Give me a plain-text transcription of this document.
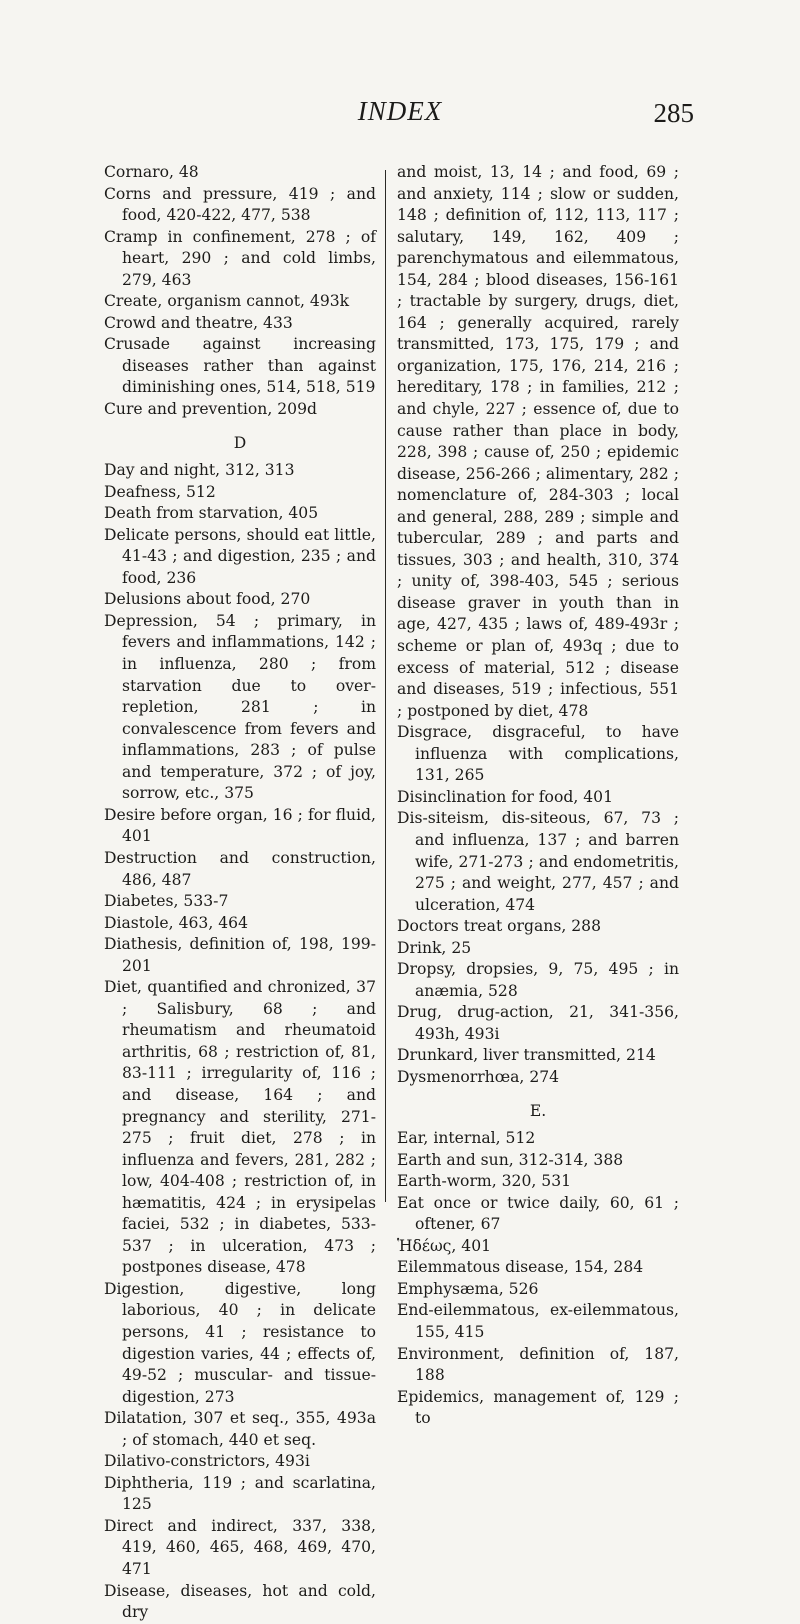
INDEX	285
Cornaro, 48
Corns and pressure, 419 ; and food, 420-422, 477, 538
Cramp in confinement, 278 ; of heart, 290 ; and cold limbs, 279, 463
Create, organism cannot, 493k
Crowd and theatre, 433
Crusade against increasing diseases rather than against diminishing ones, 514, 518, 519
Cure and prevention, 209d
D
Day and night, 312, 313
Deafness, 512
Death from starvation, 405
Delicate persons, should eat little, 41-43 ; and digestion, 235 ; and food, 236
Delusions about food, 270
Depression, 54 ; primary, in fevers and inflammations, 142 ; in influenza, 280 ; from starvation due to over-repletion, 281 ; in convalescence from fevers and inflammations, 283 ; of pulse and temperature, 372 ; of joy, sorrow, etc., 375
Desire before organ, 16 ; for fluid, 401
Destruction and construction, 486, 487
Diabetes, 533-7
Diastole, 463, 464
Diathesis, definition of, 198, 199-201
Diet, quantified and chronized, 37 ; Salisbury, 68 ; and rheumatism and rheumatoid arthritis, 68 ; restriction of, 81, 83-111 ; irregularity of, 116 ; and disease, 164 ; and pregnancy and sterility, 271-275 ; fruit diet, 278 ; in influenza and fevers, 281, 282 ; low, 404-408 ; restriction of, in hæmatitis, 424 ; in erysipelas faciei, 532 ; in diabetes, 533-537 ; in ulceration, 473 ; postpones disease, 478
Digestion, digestive, long laborious, 40 ; in delicate persons, 41 ; resistance to digestion varies, 44 ; effects of, 49-52 ; muscular- and tissue-digestion, 273
Dilatation, 307 et seq., 355, 493a ; of stomach, 440 et seq.
Dilativo-constrictors, 493i
Diphtheria, 119 ; and scarlatina, 125
Direct and indirect, 337, 338, 419, 460, 465, 468, 469, 470, 471
Disease, diseases, hot and cold, dry
and moist, 13, 14 ; and food, 69 ; and anxiety, 114 ; slow or sudden, 148 ; definition of, 112, 113, 117 ; salutary, 149, 162, 409 ; parenchymatous and eilemmatous, 154, 284 ; blood diseases, 156-161 ; tractable by surgery, drugs, diet, 164 ; generally acquired, rarely transmitted, 173, 175, 179 ; and organization, 175, 176, 214, 216 ; hereditary, 178 ; in families, 212 ; and chyle, 227 ; essence of, due to cause rather than place in body, 228, 398 ; cause of, 250 ; epidemic disease, 256-266 ; alimentary, 282 ; nomenclature of, 284-303 ; local and general, 288, 289 ; simple and tubercular, 289 ; and parts and tissues, 303 ; and health, 310, 374 ; unity of, 398-403, 545 ; serious disease graver in youth than in age, 427, 435 ; laws of, 489-493r ; scheme or plan of, 493q ; due to excess of material, 512 ; disease and diseases, 519 ; infectious, 551 ; postponed by diet, 478
Disgrace, disgraceful, to have influenza with complications, 131, 265
Disinclination for food, 401
Dis-siteism, dis-siteous, 67, 73 ; and influenza, 137 ; and barren wife, 271-273 ; and endometritis, 275 ; and weight, 277, 457 ; and ulceration, 474
Doctors treat organs, 288
Drink, 25
Dropsy, dropsies, 9, 75, 495 ; in anæmia, 528
Drug, drug-action, 21, 341-356, 493h, 493i
Drunkard, liver transmitted, 214
Dysmenorrhœa, 274
E.
Ear, internal, 512
Earth and sun, 312-314, 388
Earth-worm, 320, 531
Eat once or twice daily, 60, 61 ; oftener, 67
Ἡδέως, 401
Eilemmatous disease, 154, 284
Emphysæma, 526
End-eilemmatous, ex-eilemmatous, 155, 415
Environment, definition of, 187, 188
Epidemics, management of, 129 ; to
